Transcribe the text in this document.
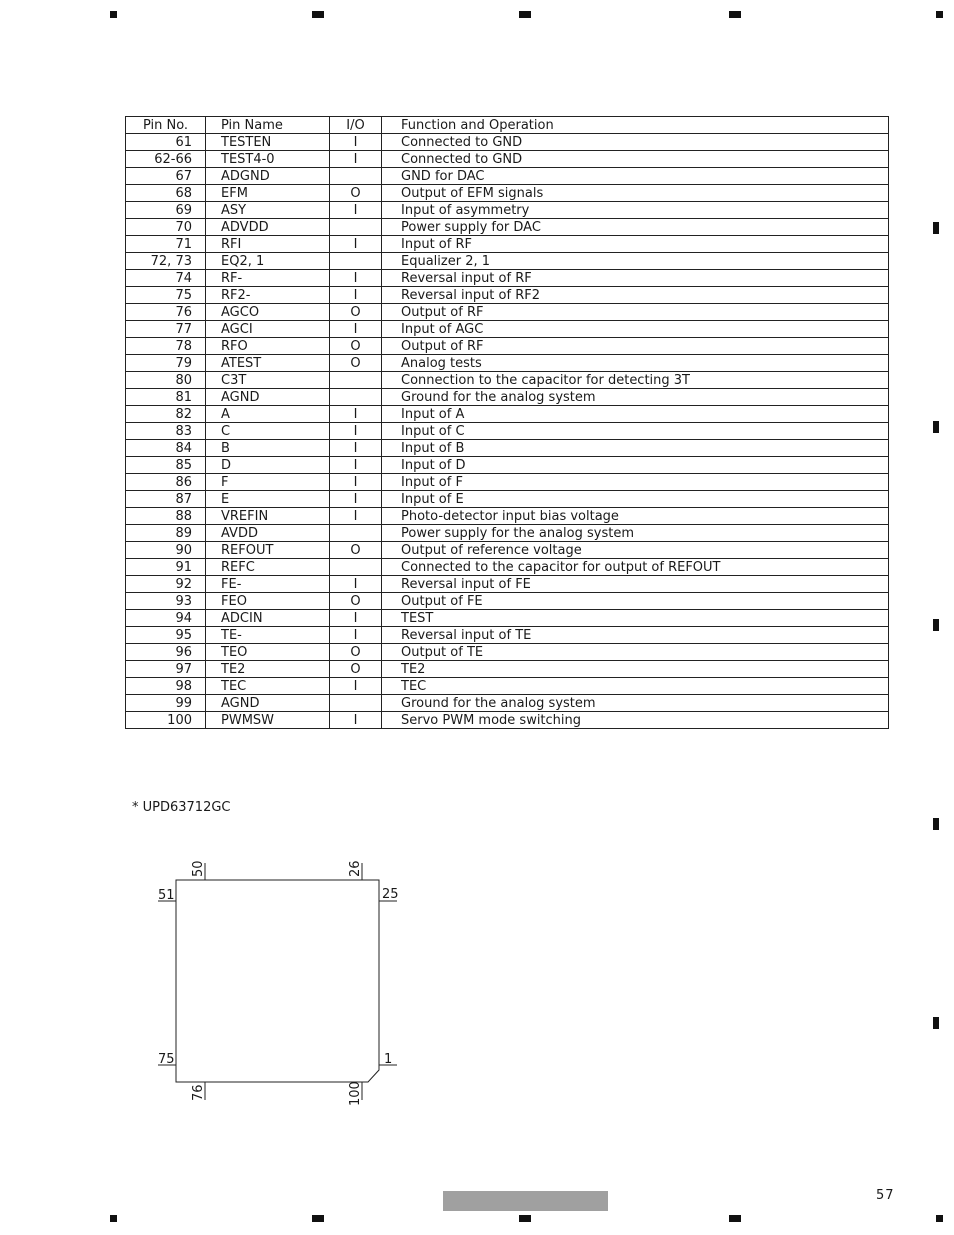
Pin No.	Pin Name	I/O	Function and Operation
61	TESTEN	I	Connected to GND
62-66	TEST4-0	I	Connected to GND
67	ADGND		GND for DAC
68	EFM	O	Output of EFM signals
69	ASY	I	Input of asymmetry
70	ADVDD		Power supply for DAC
71	RFI	I	Input of RF
72, 73	EQ2, 1		Equalizer 2, 1
74	RF-	I	Reversal input of RF
75	RF2-	I	Reversal input of RF2
76	AGCO	O	Output of RF
77	AGCI	I	Input of AGC
78	RFO	O	Output of RF
79	ATEST	O	Analog tests
80	C3T		Connection to the capacitor for detecting 3T
81	AGND		Ground for the analog system
82	A	I	Input of A
83	C	I	Input of C
84	B	I	Input of B
85	D	I	Input of D
86	F	I	Input of F
87	E	I	Input of E
88	VREFIN	I	Photo-detector input bias voltage
89	AVDD		Power supply for the analog system
90	REFOUT	O	Output of reference voltage
91	REFC		Connected to the capacitor for output of REFOUT
92	FE-	I	Reversal input of FE
93	FEO	O	Output of FE
94	ADCIN	I	TEST
95	TE-	I	Reversal input of TE
96	TEO	O	Output of TE
97	TE2	O	TE2
98	TEC	I	TEC
99	AGND		Ground for the analog system
100	PWMSW	I	Servo PWM mode switching
* UPD63712GC
50	26
51	25
75	1
76	100
57
